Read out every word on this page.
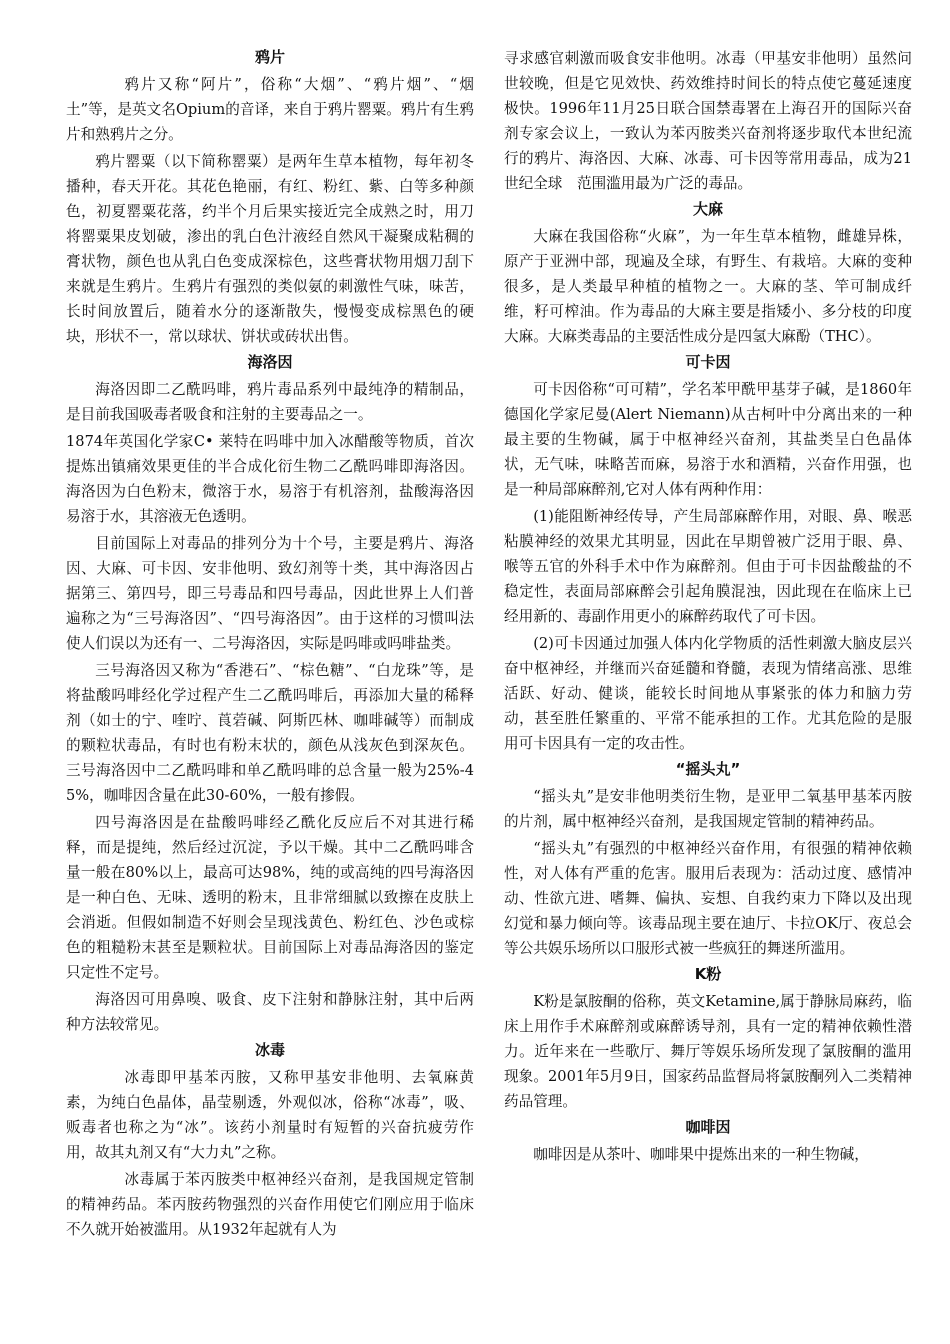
鸦片

鸦片又称“阿片”，俗称“大烟”、“鸦片烟”、“烟土”等，是英文名Opium的音译，来自于鸦片罂粟。鸦片有生鸦片和熟鸦片之分。

鸦片罂粟（以下简称罂粟）是两年生草本植物，每年初冬播种，春天开花。其花色艳丽，有红、粉红、紫、白等多种颜色，初夏罂粟花落，约半个月后果实接近完全成熟之时，用刀将罂粟果皮划破，渗出的乳白色汁液经自然风干凝聚成粘稠的膏状物，颜色也从乳白色变成深棕色，这些膏状物用烟刀刮下来就是生鸦片。生鸦片有强烈的类似氨的刺激性气味，味苦，长时间放置后，随着水分的逐渐散失，慢慢变成棕黑色的硬块，形状不一，常以球状、饼状或砖状出售。

海洛因

海洛因即二乙酰吗啡，鸦片毒品系列中最纯净的精制品，是目前我国吸毒者吸食和注射的主要毒品之一。

1874年英国化学家C• 莱特在吗啡中加入冰醋酸等物质，首次提炼出镇痛效果更佳的半合成化衍生物二乙酰吗啡即海洛因。海洛因为白色粉末，微溶于水，易溶于有机溶剂，盐酸海洛因易溶于水，其溶液无色透明。

目前国际上对毒品的排列分为十个号，主要是鸦片、海洛因、大麻、可卡因、安非他明、致幻剂等十类，其中海洛因占据第三、第四号，即三号毒品和四号毒品，因此世界上人们普遍称之为“三号海洛因”、“四号海洛因”。由于这样的习惯叫法使人们误以为还有一、二号海洛因，实际是吗啡或吗啡盐类。

三号海洛因又称为“香港石”、“棕色糖”、“白龙珠”等，是将盐酸吗啡经化学过程产生二乙酰吗啡后，再添加大量的稀释剂（如士的宁、喹咛、莨菪碱、阿斯匹林、咖啡碱等）而制成的颗粒状毒品，有时也有粉末状的，颜色从浅灰色到深灰色。三号海洛因中二乙酰吗啡和单乙酰吗啡的总含量一般为25%-45%，咖啡因含量在此30-60%，一般有掺假。

四号海洛因是在盐酸吗啡经乙酰化反应后不对其进行稀释，而是提纯，然后经过沉淀，予以干燥。其中二乙酰吗啡含量一般在80%以上，最高可达98%，纯的或高纯的四号海洛因是一种白色、无味、透明的粉末，且非常细腻以致擦在皮肤上会消逝。但假如制造不好则会呈现浅黄色、粉红色、沙色或棕色的粗糙粉末甚至是颗粒状。目前国际上对毒品海洛因的鉴定只定性不定号。

海洛因可用鼻嗅、吸食、皮下注射和静脉注射，其中后两种方法较常见。

冰毒

冰毒即甲基苯丙胺，又称甲基安非他明、去氧麻黄素，为纯白色晶体，晶莹剔透，外观似冰，俗称“冰毒”，吸、贩毒者也称之为“冰”。该药小剂量时有短暂的兴奋抗疲劳作用，故其丸剂又有“大力丸”之称。

冰毒属于苯丙胺类中枢神经兴奋剂，是我国规定管制的精神药品。苯丙胺药物强烈的兴奋作用使它们刚应用于临床不久就开始被滥用。从1932年起就有人为

寻求感官刺激而吸食安非他明。冰毒（甲基安非他明）虽然问世较晚，但是它见效快、药效维持时间长的特点使它蔓延速度极快。1996年11月25日联合国禁毒署在上海召开的国际兴奋剂专家会议上，一致认为苯丙胺类兴奋剂将逐步取代本世纪流行的鸦片、海洛因、大麻、冰毒、可卡因等常用毒品，成为21世纪全球　范围滥用最为广泛的毒品。

大麻

大麻在我国俗称“火麻”，为一年生草本植物，雌雄异株，原产于亚洲中部，现遍及全球，有野生、有栽培。大麻的变种很多，是人类最早种植的植物之一。大麻的茎、竿可制成纤维，籽可榨油。作为毒品的大麻主要是指矮小、多分枝的印度大麻。大麻类毒品的主要活性成分是四氢大麻酚（THC）。

可卡因

可卡因俗称“可可精”，学名苯甲酰甲基芽子碱，是1860年德国化学家尼曼(Alert Niemann)从古柯叶中分离出来的一种最主要的生物碱，属于中枢神经兴奋剂，其盐类呈白色晶体状，无气味，味略苦而麻，易溶于水和酒精，兴奋作用强，也是一种局部麻醉剂,它对人体有两种作用：

(1)能阻断神经传导，产生局部麻醉作用，对眼、鼻、喉恶粘膜神经的效果尤其明显，因此在早期曾被广泛用于眼、鼻、喉等五官的外科手术中作为麻醉剂。但由于可卡因盐酸盐的不稳定性，表面局部麻醉会引起角膜混浊，因此现在在临床上已经用新的、毒副作用更小的麻醉药取代了可卡因。

(2)可卡因通过加强人体内化学物质的活性刺激大脑皮层兴奋中枢神经，并继而兴奋延髓和脊髓，表现为情绪高涨、思维活跃、好动、健谈，能较长时间地从事紧张的体力和脑力劳动，甚至胜任繁重的、平常不能承担的工作。尤其危险的是服用可卡因具有一定的攻击性。

“摇头丸”

“摇头丸”是安非他明类衍生物，是亚甲二氧基甲基苯丙胺的片剂，属中枢神经兴奋剂，是我国规定管制的精神药品。

“摇头丸”有强烈的中枢神经兴奋作用，有很强的精神依赖性，对人体有严重的危害。服用后表现为：活动过度、感情冲动、性欲亢进、嗜舞、偏执、妄想、自我约束力下降以及出现幻觉和暴力倾向等。该毒品现主要在迪厅、卡拉OK厅、夜总会等公共娱乐场所以口服形式被一些疯狂的舞迷所滥用。

K粉

K粉是氯胺酮的俗称，英文Ketamine,属于静脉局麻药，临床上用作手术麻醉剂或麻醉诱导剂，具有一定的精神依赖性潜力。近年来在一些歌厅、舞厅等娱乐场所发现了氯胺酮的滥用现象。2001年5月9日，国家药品监督局将氯胺酮列入二类精神药品管理。

咖啡因

咖啡因是从茶叶、咖啡果中提炼出来的一种生物碱，
